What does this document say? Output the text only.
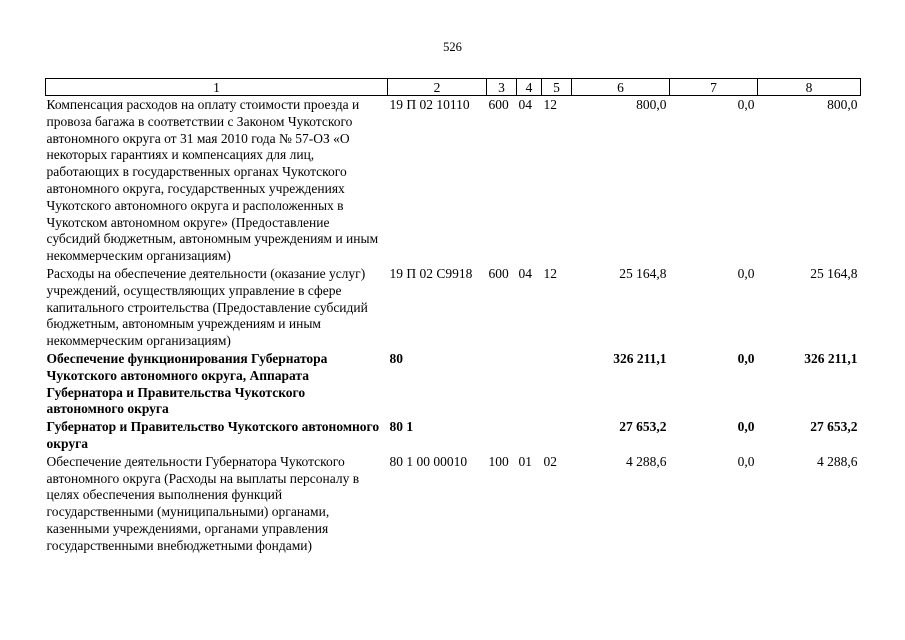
526
1	2	3	4	5	6	7	8
Компенсация расходов на оплату стоимости проезда и провоза багажа в соответствии с Законом Чукотского автономного округа от 31 мая 2010 года № 57-ОЗ «О некоторых гарантиях и компенсациях для лиц, работающих в государственных органах Чукотского автономного округа, государственных учреждениях Чукотского автономного округа и расположенных в Чукотском автономном округе» (Предоставление субсидий бюджетным, автономным учреждениям и иным некоммерческим организациям)	19 П 02 10110	600	04	12	800,0	0,0	800,0
Расходы на обеспечение деятельности (оказание услуг) учреждений, осуществляющих управление в сфере капитального строительства (Предоставление субсидий бюджетным, автономным учреждениям и иным некоммерческим организациям)	19 П 02 С9918	600	04	12	25 164,8	0,0	25 164,8
Обеспечение функционирования Губернатора Чукотского автономного округа, Аппарата Губернатора и Правительства Чукотского автономного округа	80				326 211,1	0,0	326 211,1
Губернатор и Правительство Чукотского автономного округа	80 1				27 653,2	0,0	27 653,2
Обеспечение деятельности Губернатора Чукотского автономного округа (Расходы на выплаты персоналу в целях обеспечения выполнения функций государственными (муниципальными) органами, казенными учреждениями, органами управления государственными внебюджетными фондами)	80 1 00 00010	100	01	02	4 288,6	0,0	4 288,6
